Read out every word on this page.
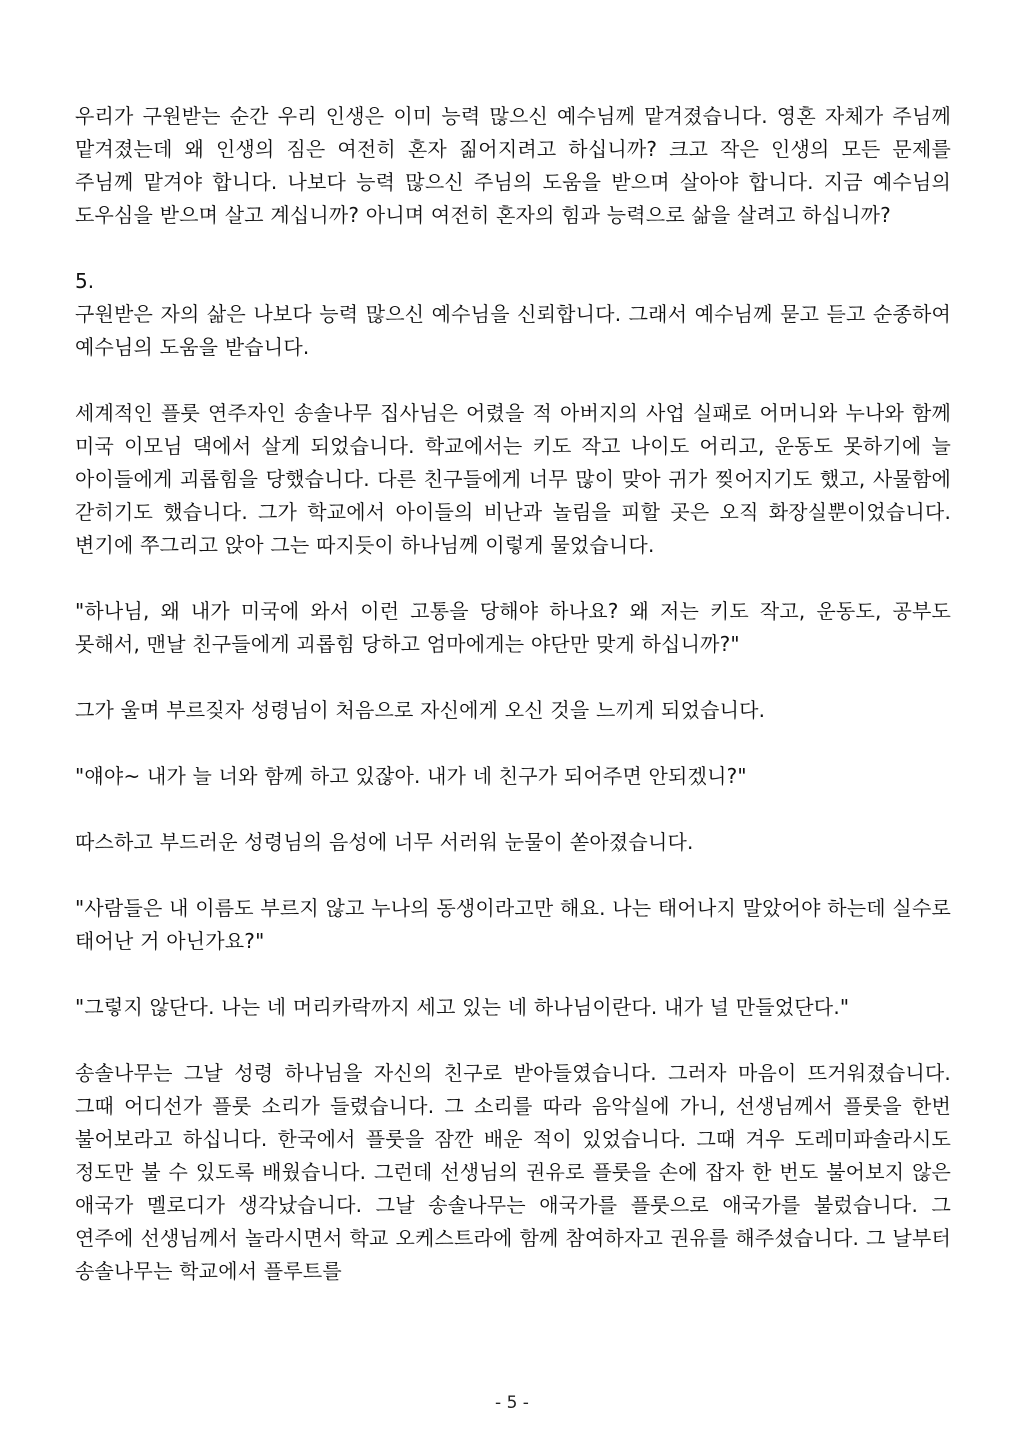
우리가 구원받는 순간 우리 인생은 이미 능력 많으신 예수님께 맡겨졌습니다. 영혼 자체가 주님께 맡겨졌는데 왜 인생의 짐은 여전히 혼자 짊어지려고 하십니까? 크고 작은 인생의 모든 문제를 주님께 맡겨야 합니다. 나보다 능력 많으신 주님의 도움을 받으며 살아야 합니다. 지금 예수님의 도우심을 받으며 살고 계십니까? 아니며 여전히 혼자의 힘과 능력으로 삶을 살려고 하십니까?

5.

구원받은 자의 삶은 나보다 능력 많으신 예수님을 신뢰합니다. 그래서 예수님께 묻고 듣고 순종하여 예수님의 도움을 받습니다.

세계적인 플룻 연주자인 송솔나무 집사님은 어렸을 적 아버지의 사업 실패로 어머니와 누나와 함께 미국 이모님 댁에서 살게 되었습니다. 학교에서는 키도 작고 나이도 어리고, 운동도 못하기에 늘 아이들에게 괴롭힘을 당했습니다. 다른 친구들에게 너무 많이 맞아 귀가 찢어지기도 했고, 사물함에 갇히기도 했습니다. 그가 학교에서 아이들의 비난과 놀림을 피할 곳은 오직 화장실뿐이었습니다. 변기에 쭈그리고 앉아 그는 따지듯이 하나님께 이렇게 물었습니다.

"하나님, 왜 내가 미국에 와서 이런 고통을 당해야 하나요? 왜 저는 키도 작고, 운동도, 공부도 못해서, 맨날 친구들에게 괴롭힘 당하고 엄마에게는 야단만 맞게 하십니까?"

그가 울며 부르짖자 성령님이 처음으로 자신에게 오신 것을 느끼게 되었습니다.

"얘야~ 내가 늘 너와 함께 하고 있잖아. 내가 네 친구가 되어주면 안되겠니?"

따스하고 부드러운 성령님의 음성에 너무 서러워 눈물이 쏟아졌습니다.

"사람들은 내 이름도 부르지 않고 누나의 동생이라고만 해요. 나는 태어나지 말았어야 하는데 실수로 태어난 거 아닌가요?"

"그렇지 않단다. 나는 네 머리카락까지 세고 있는 네 하나님이란다. 내가 널 만들었단다."

송솔나무는 그날 성령 하나님을 자신의 친구로 받아들였습니다. 그러자 마음이 뜨거워졌습니다. 그때 어디선가 플룻 소리가 들렸습니다. 그 소리를 따라 음악실에 가니, 선생님께서 플룻을 한번 불어보라고 하십니다. 한국에서 플룻을 잠깐 배운 적이 있었습니다. 그때 겨우 도레미파솔라시도 정도만 불 수 있도록 배웠습니다. 그런데 선생님의 권유로 플룻을 손에 잡자 한 번도 불어보지 않은 애국가 멜로디가 생각났습니다. 그날 송솔나무는 애국가를 플룻으로 애국가를 불렀습니다. 그 연주에 선생님께서 놀라시면서 학교 오케스트라에 함께 참여하자고 권유를 해주셨습니다. 그 날부터 송솔나무는 학교에서 플루트를

- 5 -
